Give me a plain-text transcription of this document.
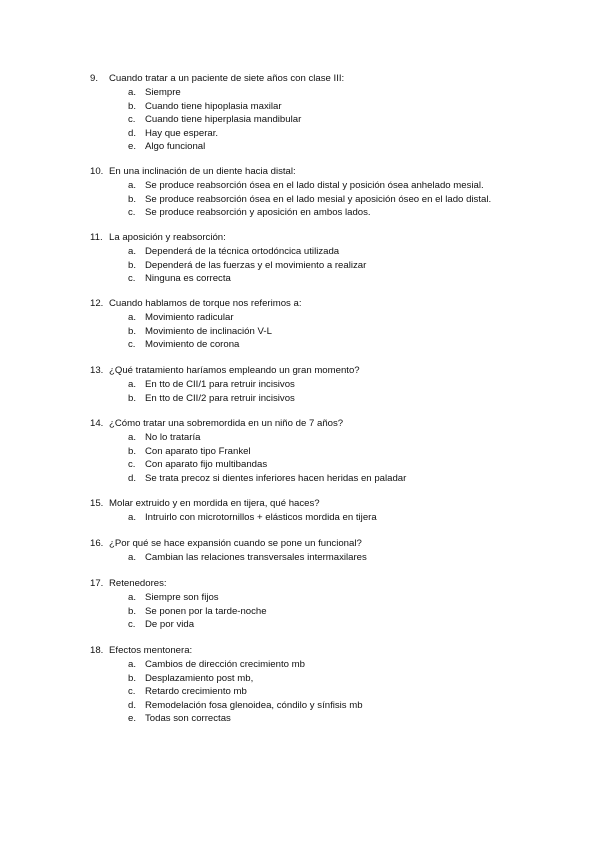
9. Cuando tratar a un paciente de siete años con clase III:
a. Siempre
b. Cuando tiene hipoplasia maxilar
c. Cuando tiene hiperplasia mandibular
d. Hay que esperar.
e. Algo funcional
10. En una inclinación de un diente hacia distal:
a. Se produce reabsorción ósea en el lado distal y posición ósea anhelado mesial.
b. Se produce reabsorción ósea en el lado mesial y aposición óseo en el lado distal.
c. Se produce reabsorción y aposición en ambos lados.
11. La aposición y reabsorción:
a. Dependerá de la técnica ortodóncica utilizada
b. Dependerá de las fuerzas y el movimiento a realizar
c. Ninguna es correcta
12. Cuando hablamos de torque nos referimos a:
a. Movimiento radicular
b. Movimiento de inclinación V-L
c. Movimiento de corona
13. ¿Qué tratamiento haríamos empleando un gran momento?
a. En tto de CII/1 para retruir incisivos
b. En tto de CII/2 para retruir incisivos
14. ¿Cómo tratar una sobremordida en un niño de 7 años?
a. No lo trataría
b. Con aparato tipo Frankel
c. Con aparato fijo multibandas
d. Se trata precoz si dientes inferiores hacen heridas en paladar
15. Molar extruido y en mordida en tijera, qué haces?
a. Intruirlo con microtornillos + elásticos mordida en tijera
16. ¿Por qué se hace expansión cuando se pone un funcional?
a. Cambian las relaciones transversales intermaxilares
17. Retenedores:
a. Siempre son fijos
b. Se ponen por la tarde-noche
c. De por vida
18. Efectos mentonera:
a. Cambios de dirección crecimiento mb
b. Desplazamiento post mb,
c. Retardo crecimiento mb
d. Remodelación fosa glenoidea, cóndilo y sínfisis mb
e. Todas son correctas
